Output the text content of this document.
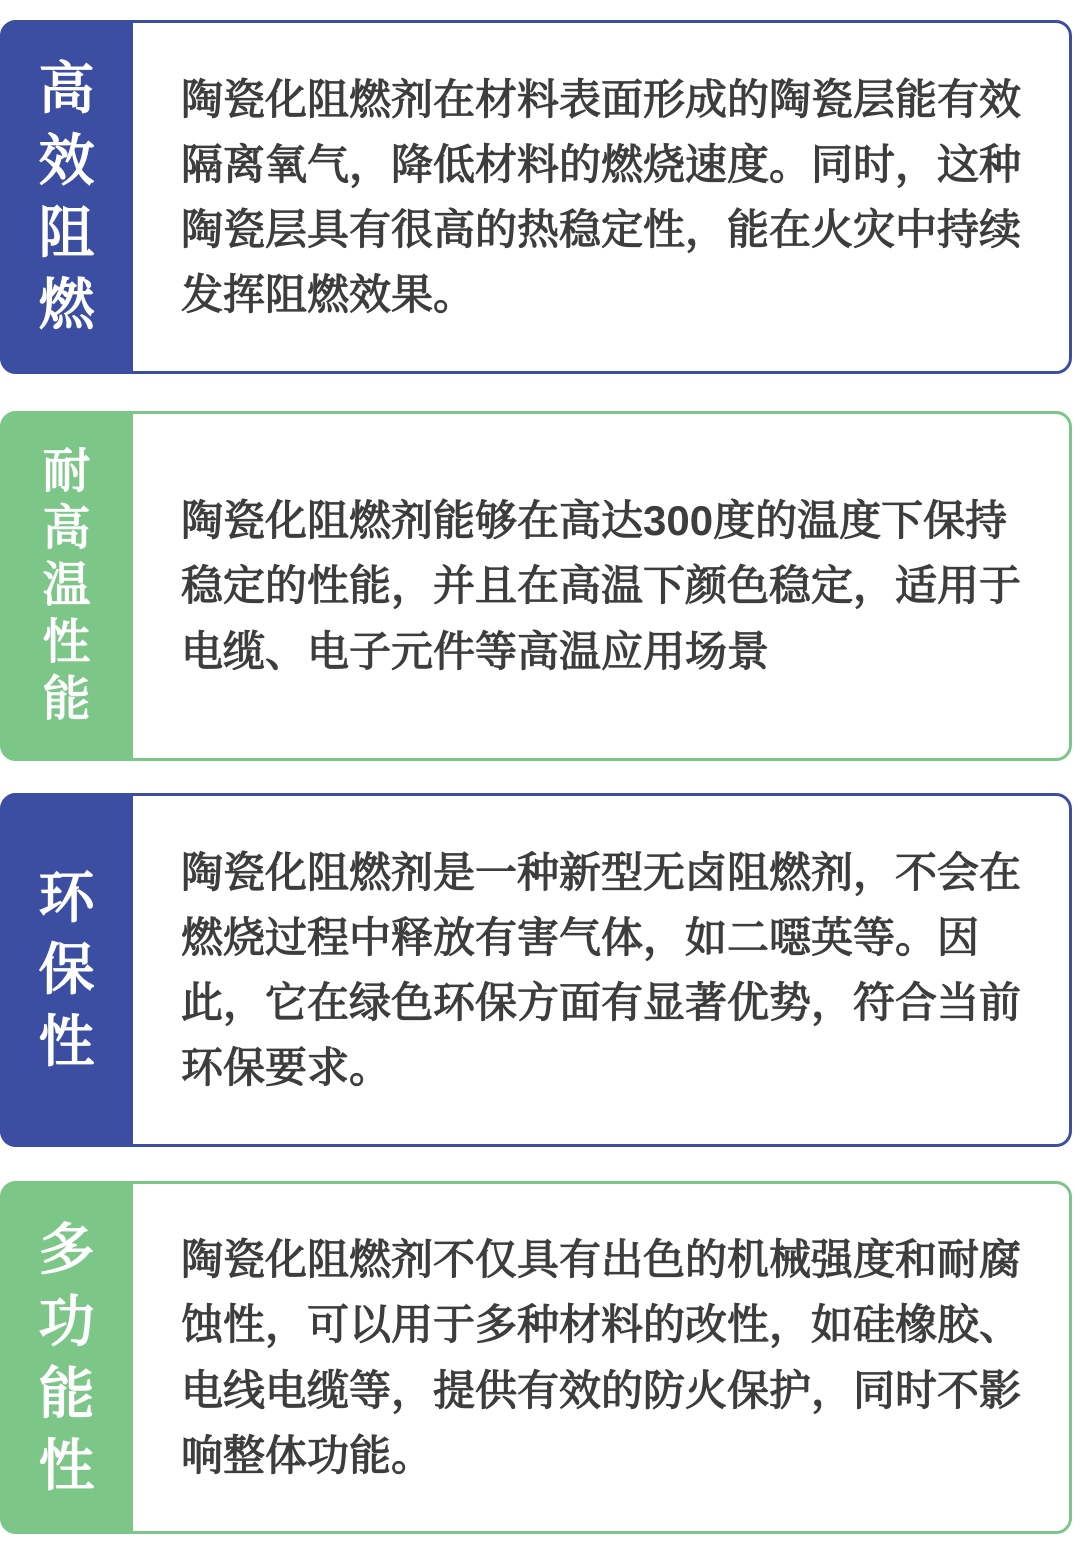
高
效
阻
燃

陶瓷化阻燃剂在材料表面形成的陶瓷层能有效隔离氧气，降低材料的燃烧速度。同时，这种陶瓷层具有很高的热稳定性，能在火灾中持续发挥阻燃效果。

耐
高
温
性
能

陶瓷化阻燃剂能够在高达300度的温度下保持稳定的性能，并且在高温下颜色稳定，适用于电缆、电子元件等高温应用场景

环
保
性

陶瓷化阻燃剂是一种新型无卤阻燃剂，不会在燃烧过程中释放有害气体，如二噁英等。因此，它在绿色环保方面有显著优势，符合当前环保要求。

多
功
能
性

陶瓷化阻燃剂不仅具有出色的机械强度和耐腐蚀性，可以用于多种材料的改性，如硅橡胶、电线电缆等，提供有效的防火保护，同时不影响整体功能。
